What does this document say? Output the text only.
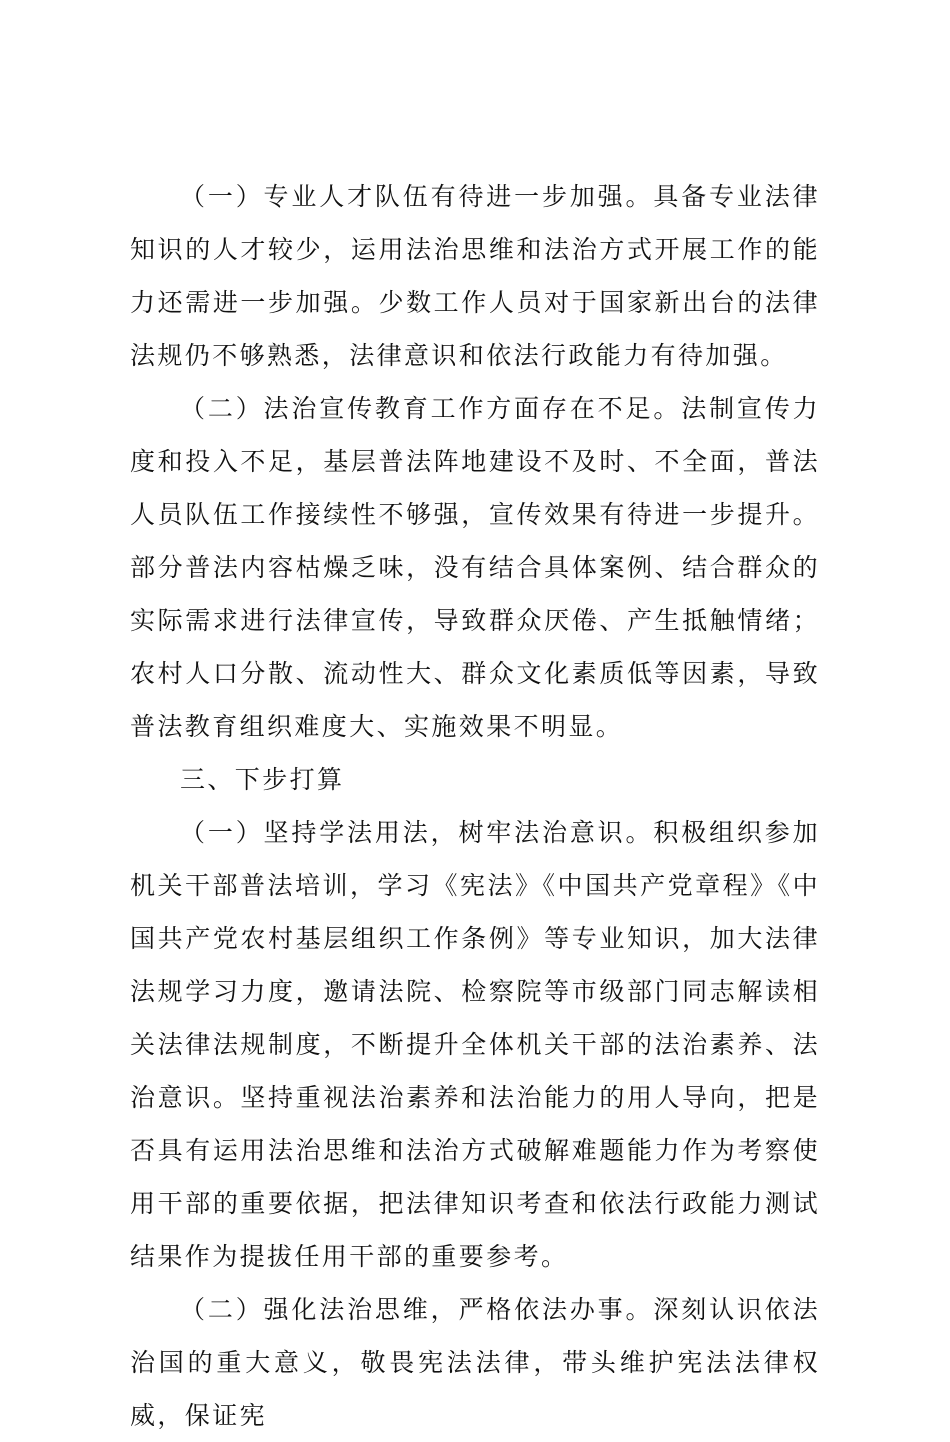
（一）专业人才队伍有待进一步加强。具备专业法律知识的人才较少，运用法治思维和法治方式开展工作的能力还需进一步加强。少数工作人员对于国家新出台的法律法规仍不够熟悉，法律意识和依法行政能力有待加强。

（二）法治宣传教育工作方面存在不足。法制宣传力度和投入不足，基层普法阵地建设不及时、不全面，普法人员队伍工作接续性不够强，宣传效果有待进一步提升。部分普法内容枯燥乏味，没有结合具体案例、结合群众的实际需求进行法律宣传，导致群众厌倦、产生抵触情绪；农村人口分散、流动性大、群众文化素质低等因素，导致普法教育组织难度大、实施效果不明显。

三、下步打算

（一）坚持学法用法，树牢法治意识。积极组织参加机关干部普法培训，学习《宪法》《中国共产党章程》《中国共产党农村基层组织工作条例》等专业知识，加大法律法规学习力度，邀请法院、检察院等市级部门同志解读相关法律法规制度，不断提升全体机关干部的法治素养、法治意识。坚持重视法治素养和法治能力的用人导向，把是否具有运用法治思维和法治方式破解难题能力作为考察使用干部的重要依据，把法律知识考查和依法行政能力测试结果作为提拔任用干部的重要参考。

（二）强化法治思维，严格依法办事。深刻认识依法治国的重大意义，敬畏宪法法律，带头维护宪法法律权威，保证宪
